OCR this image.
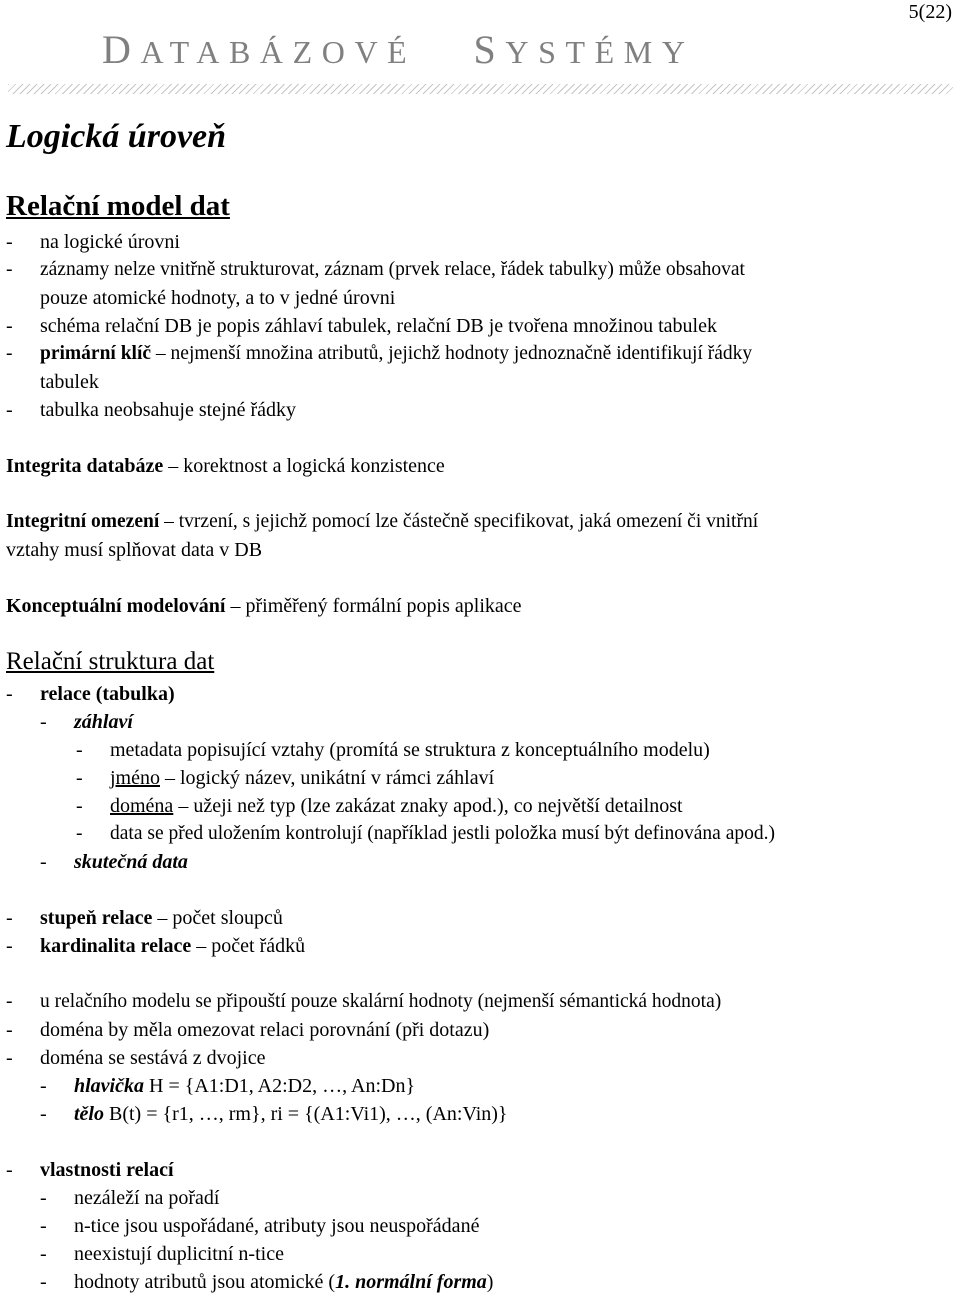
5(22)
DATABÁZOVÉ SYSTÉMY
Logická úroveň
Relační model dat
- na logické úrovni
- záznamy nelze vnitřně strukturovat, záznam (prvek relace, řádek tabulky) může obsahovat
pouze atomické hodnoty, a to v jedné úrovni
- schéma relační DB je popis záhlaví tabulek, relační DB je tvořena množinou tabulek
- primární klíč – nejmenší množina atributů, jejichž hodnoty jednoznačně identifikují řádky
tabulek
- tabulka neobsahuje stejné řádky
Integrita databáze – korektnost a logická konzistence
Integritní omezení – tvrzení, s jejichž pomocí lze částečně specifikovat, jaká omezení či vnitřní
vztahy musí splňovat data v DB
Konceptuální modelování – přiměřený formální popis aplikace
Relační struktura dat
- relace (tabulka)
- záhlaví
- metadata popisující vztahy (promítá se struktura z konceptuálního modelu)
- jméno – logický název, unikátní v rámci záhlaví
- doména – užeji než typ (lze zakázat znaky apod.), co největší detailnost
- data se před uložením kontrolují (například jestli položka musí být definována apod.)
- skutečná data
- stupeň relace – počet sloupců
- kardinalita relace – počet řádků
- u relačního modelu se připouští pouze skalární hodnoty (nejmenší sémantická hodnota)
- doména by měla omezovat relaci porovnání (při dotazu)
- doména se sestává z dvojice
- hlavička H = {A1:D1, A2:D2, …, An:Dn}
- tělo B(t) = {r1, …, rm}, ri = {(A1:Vi1), …, (An:Vin)}
- vlastnosti relací
- nezáleží na pořadí
- n-tice jsou uspořádané, atributy jsou neuspořádané
- neexistují duplicitní n-tice
- hodnoty atributů jsou atomické (1. normální forma)
